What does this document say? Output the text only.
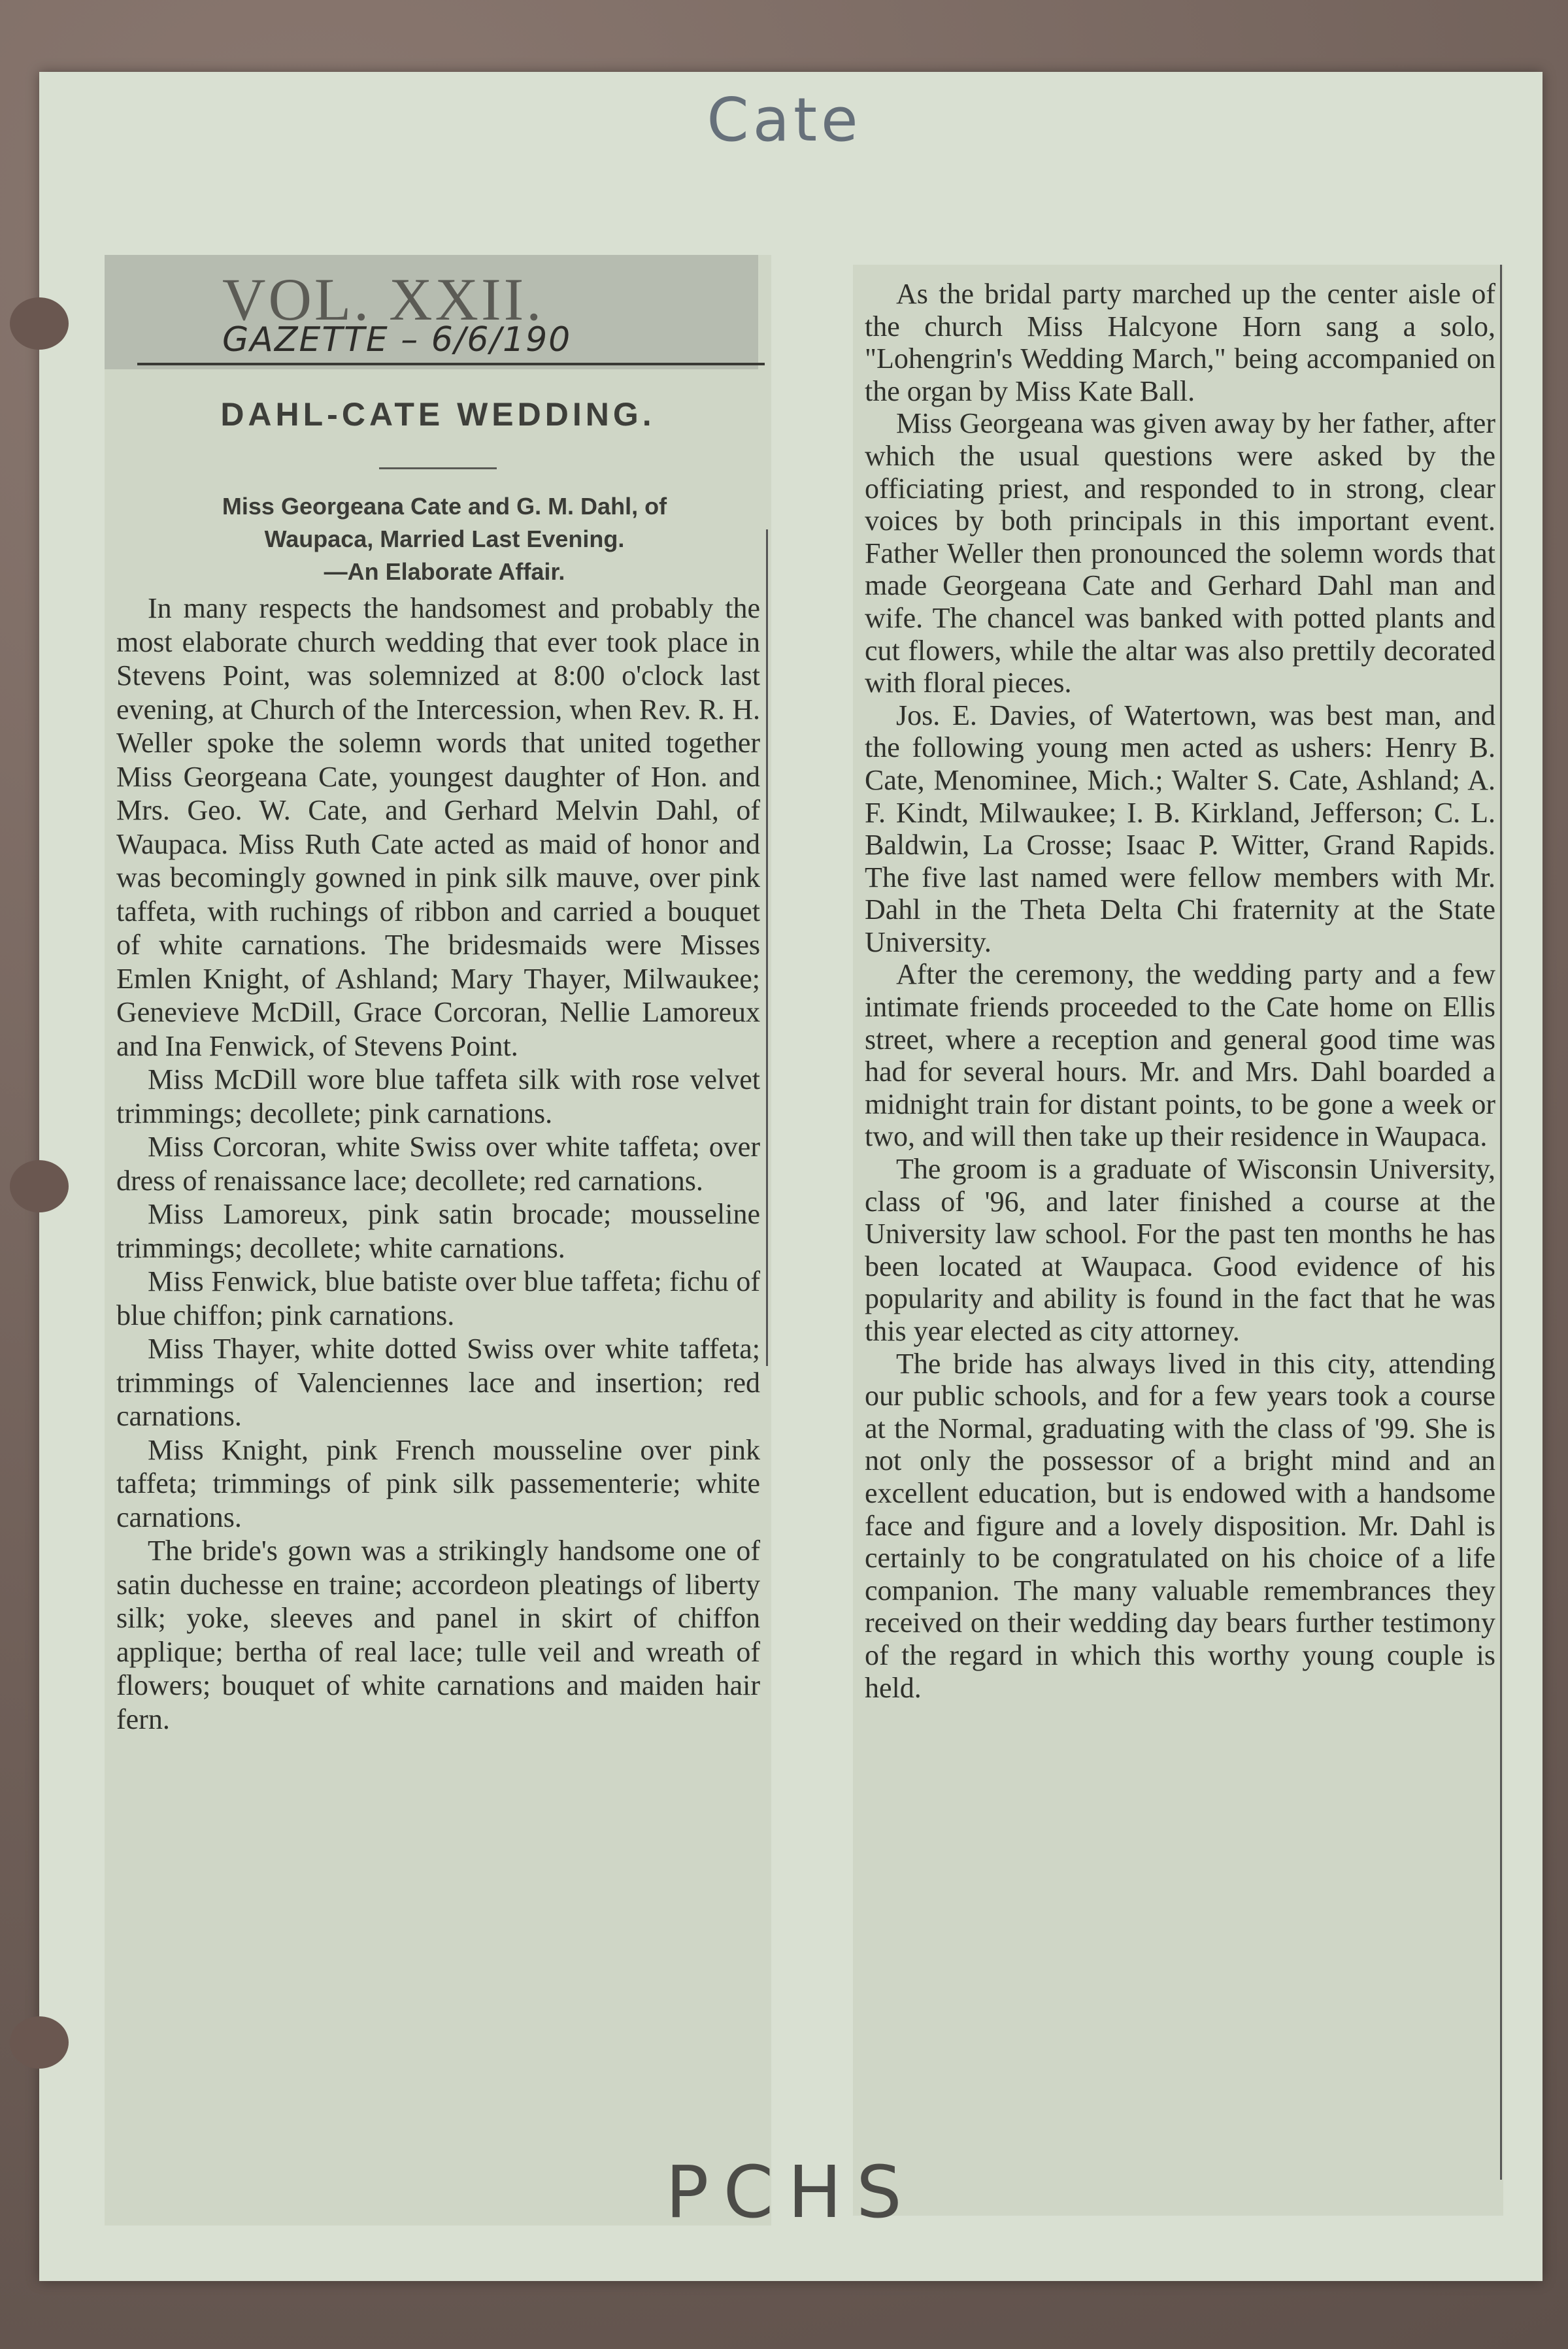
Cate
VOL. XXII.
GAZETTE – 6/6/190
DAHL-CATE WEDDING.
Miss Georgeana Cate and G. M. Dahl, of
Waupaca, Married Last Evening.
—An Elaborate Affair.

In many respects the handsomest and probably the most elaborate church wedding that ever took place in Stevens Point, was solemnized at 8:00 o'clock last evening, at Church of the Intercession, when Rev. R. H. Weller spoke the solemn words that united together Miss Georgeana Cate, youngest daughter of Hon. and Mrs. Geo. W. Cate, and Gerhard Melvin Dahl, of Waupaca. Miss Ruth Cate acted as maid of honor and was becomingly gowned in pink silk mauve, over pink taffeta, with ruchings of ribbon and carried a bouquet of white carnations. The bridesmaids were Misses Emlen Knight, of Ashland; Mary Thayer, Milwaukee; Genevieve McDill, Grace Corcoran, Nellie Lamoreux and Ina Fenwick, of Stevens Point.

Miss McDill wore blue taffeta silk with rose velvet trimmings; decollete; pink carnations.

Miss Corcoran, white Swiss over white taffeta; over dress of renaissance lace; decollete; red carnations.

Miss Lamoreux, pink satin brocade; mousseline trimmings; decollete; white carnations.

Miss Fenwick, blue batiste over blue taffeta; fichu of blue chiffon; pink carnations.

Miss Thayer, white dotted Swiss over white taffeta; trimmings of Valenciennes lace and insertion; red carnations.

Miss Knight, pink French mousseline over pink taffeta; trimmings of pink silk passementerie; white carnations.

The bride's gown was a strikingly handsome one of satin duchesse en traine; accordeon pleatings of liberty silk; yoke, sleeves and panel in skirt of chiffon applique; bertha of real lace; tulle veil and wreath of flowers; bouquet of white carnations and maiden hair fern.

As the bridal party marched up the center aisle of the church Miss Halcyone Horn sang a solo, "Lohengrin's Wedding March," being accompanied on the organ by Miss Kate Ball.

Miss Georgeana was given away by her father, after which the usual questions were asked by the officiating priest, and responded to in strong, clear voices by both principals in this important event. Father Weller then pronounced the solemn words that made Georgeana Cate and Gerhard Dahl man and wife. The chancel was banked with potted plants and cut flowers, while the altar was also prettily decorated with floral pieces.

Jos. E. Davies, of Watertown, was best man, and the following young men acted as ushers: Henry B. Cate, Menominee, Mich.; Walter S. Cate, Ashland; A. F. Kindt, Milwaukee; I. B. Kirkland, Jefferson; C. L. Baldwin, La Crosse; Isaac P. Witter, Grand Rapids. The five last named were fellow members with Mr. Dahl in the Theta Delta Chi fraternity at the State University.

After the ceremony, the wedding party and a few intimate friends proceeded to the Cate home on Ellis street, where a reception and general good time was had for several hours. Mr. and Mrs. Dahl boarded a midnight train for distant points, to be gone a week or two, and will then take up their residence in Waupaca.

The groom is a graduate of Wisconsin University, class of '96, and later finished a course at the University law school. For the past ten months he has been located at Waupaca. Good evidence of his popularity and ability is found in the fact that he was this year elected as city attorney.

The bride has always lived in this city, attending our public schools, and for a few years took a course at the Normal, graduating with the class of '99. She is not only the possessor of a bright mind and an excellent education, but is endowed with a handsome face and figure and a lovely disposition. Mr. Dahl is certainly to be congratulated on his choice of a life companion. The many valuable remembrances they received on their wedding day bears further testimony of the regard in which this worthy young couple is held.

PCHS
